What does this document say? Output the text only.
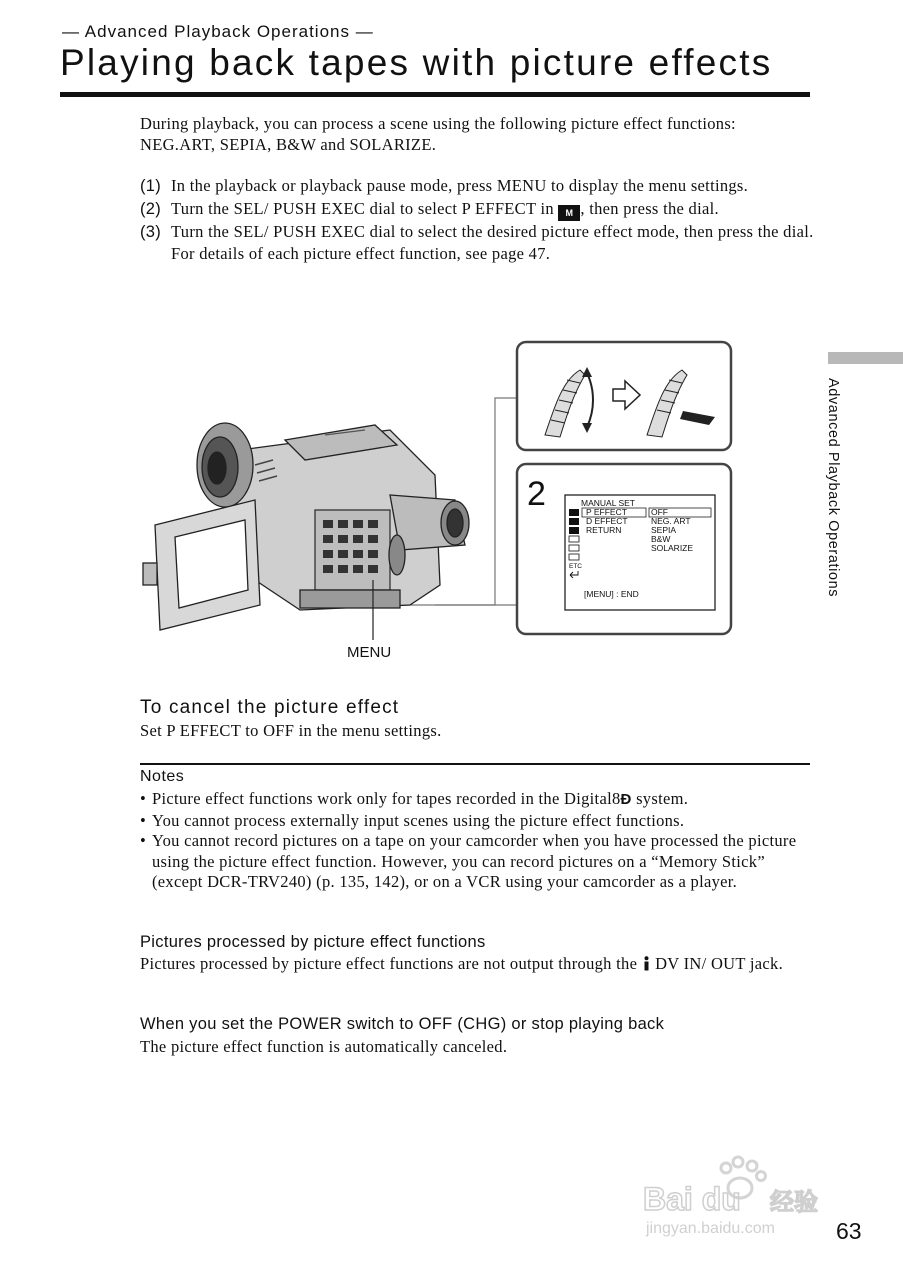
— Advanced Playback Operations —
Playing back tapes with picture effects
During playback, you can process a scene using the following picture effect functions: NEG.ART, SEPIA, B&W and SOLARIZE.
(1) In the playback or playback pause mode, press MENU to display the menu settings.
(2) Turn the SEL/ PUSH EXEC dial to select P EFFECT in M , then press the dial.
(3) Turn the SEL/ PUSH EXEC dial to select the desired picture effect mode, then press the dial.
For details of each picture effect function, see page 47.
Advanced Playback Operations
MENU
2	MANUAL SET
P EFFECT
D EFFECT
RETURN
OFF
NEG. ART
SEPIA
B&W
SOLARIZE
ETC
[MENU] : END
To cancel the picture effect
Set P EFFECT to OFF in the menu settings.
Notes
• Picture effect functions work only for tapes recorded in the Digital8Ð system.
• You cannot process externally input scenes using the picture effect functions.
• You cannot record pictures on a tape on your camcorder when you have processed the picture using the picture effect function. However, you can record pictures on a “Memory Stick” (except DCR-TRV240) (p. 135, 142), or on a VCR using your camcorder as a player.
Pictures processed by picture effect functions
Pictures processed by picture effect functions are not output through the  DV IN/ OUT jack.
When you set the POWER switch to OFF (CHG) or stop playing back
The picture effect function is automatically canceled.
Bai du 经验
jingyan.baidu.com	63
